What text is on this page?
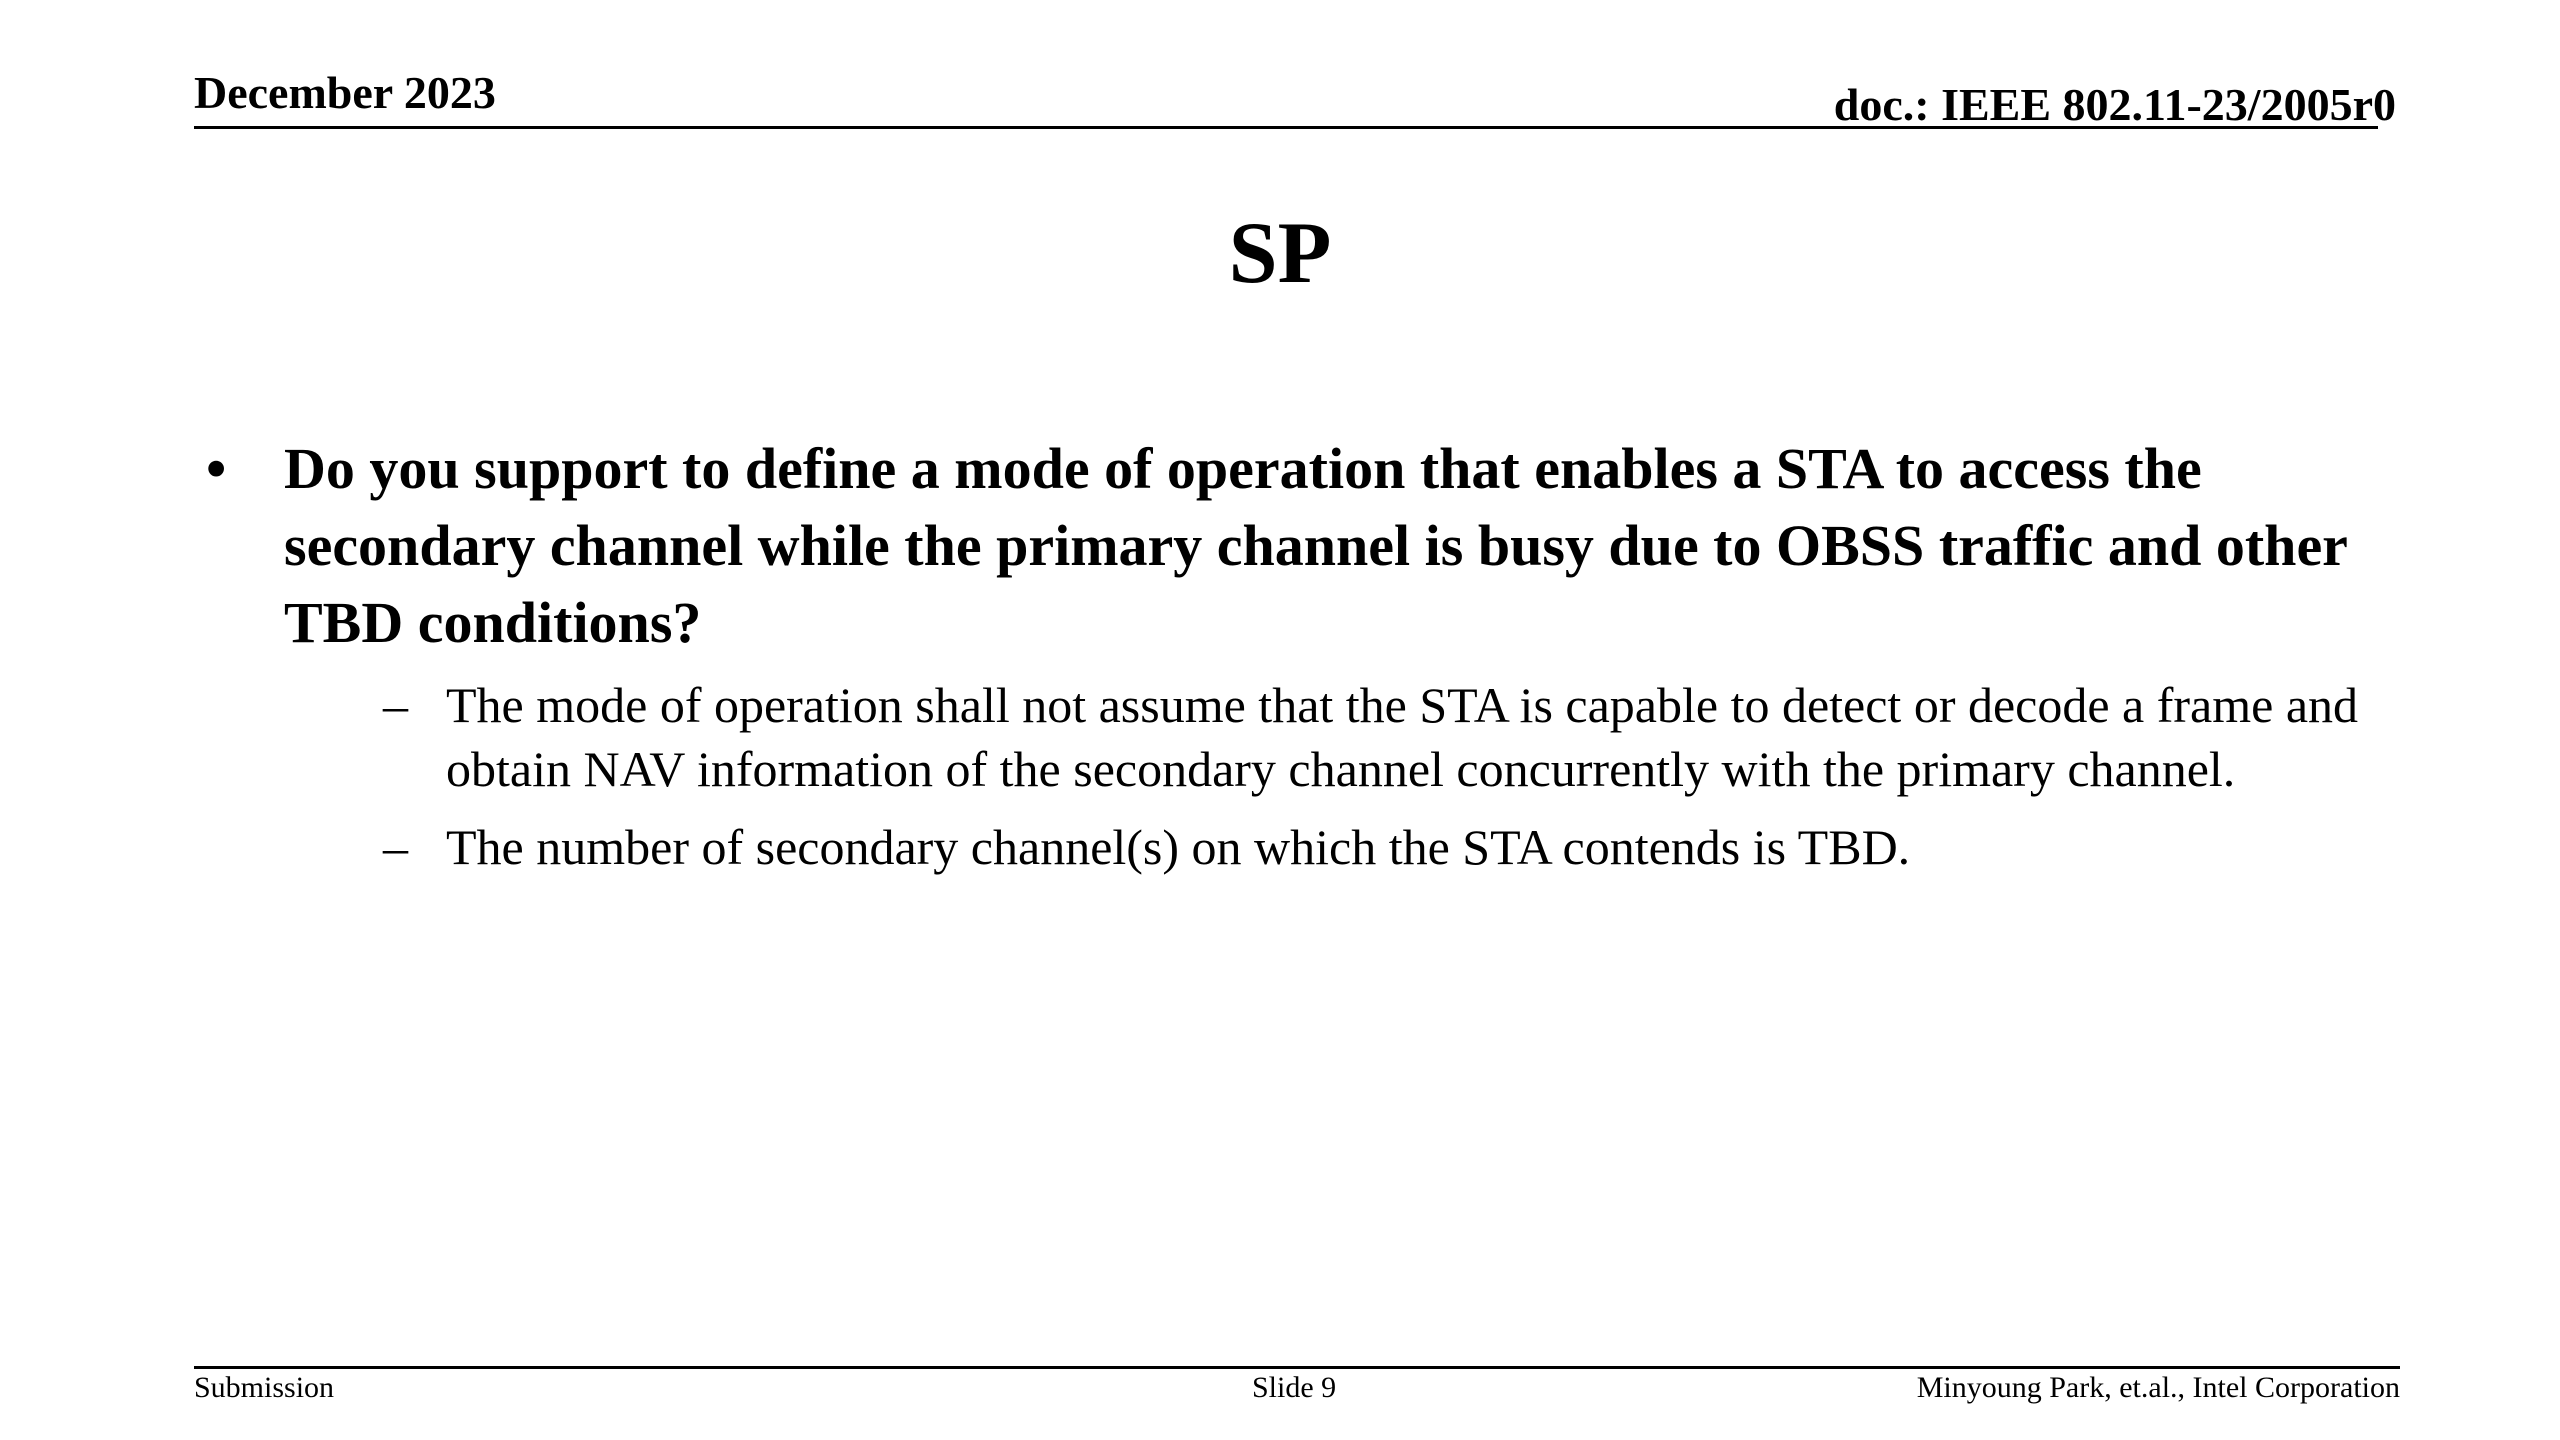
December 2023	doc.: IEEE 802.11-23/2005r0
SP
• Do you support to define a mode of operation that enables a STA to access the secondary channel while the primary channel is busy due to OBSS traffic and other TBD conditions?
– The mode of operation shall not assume that the STA is capable to detect or decode a frame and obtain NAV information of the secondary channel concurrently with the primary channel.
– The number of secondary channel(s) on which the STA contends is TBD.
Submission	Slide 9	Minyoung Park, et.al., Intel Corporation
